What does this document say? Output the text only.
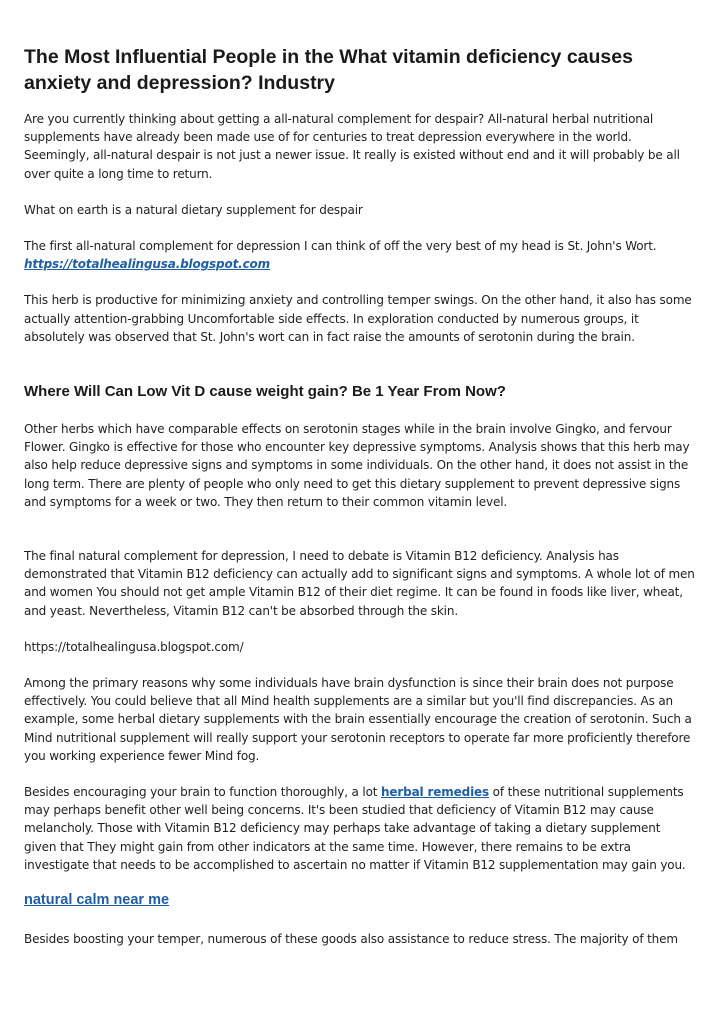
The Most Influential People in the What vitamin deficiency causes anxiety and depression? Industry

Are you currently thinking about getting a all-natural complement for despair? All-natural herbal nutritional supplements have already been made use of for centuries to treat depression everywhere in the world. Seemingly, all-natural despair is not just a newer issue. It really is existed without end and it will probably be all over quite a long time to return.

What on earth is a natural dietary supplement for despair

The first all-natural complement for depression I can think of off the very best of my head is St. John's Wort.
https://totalhealingusa.blogspot.com

This herb is productive for minimizing anxiety and controlling temper swings. On the other hand, it also has some actually attention-grabbing Uncomfortable side effects. In exploration conducted by numerous groups, it absolutely was observed that St. John's wort can in fact raise the amounts of serotonin during the brain.

Where Will Can Low Vit D cause weight gain? Be 1 Year From Now?

Other herbs which have comparable effects on serotonin stages while in the brain involve Gingko, and fervour Flower. Gingko is effective for those who encounter key depressive symptoms. Analysis shows that this herb may also help reduce depressive signs and symptoms in some individuals. On the other hand, it does not assist in the long term. There are plenty of people who only need to get this dietary supplement to prevent depressive signs and symptoms for a week or two. They then return to their common vitamin level.

The final natural complement for depression, I need to debate is Vitamin B12 deficiency. Analysis has demonstrated that Vitamin B12 deficiency can actually add to significant signs and symptoms. A whole lot of men and women You should not get ample Vitamin B12 of their diet regime. It can be found in foods like liver, wheat, and yeast. Nevertheless, Vitamin B12 can't be absorbed through the skin.

https://totalhealingusa.blogspot.com/

Among the primary reasons why some individuals have brain dysfunction is since their brain does not purpose effectively. You could believe that all Mind health supplements are a similar but you'll find discrepancies. As an example, some herbal dietary supplements with the brain essentially encourage the creation of serotonin. Such a Mind nutritional supplement will really support your serotonin receptors to operate far more proficiently therefore you working experience fewer Mind fog.

Besides encouraging your brain to function thoroughly, a lot herbal remedies of these nutritional supplements may perhaps benefit other well being concerns. It's been studied that deficiency of Vitamin B12 may cause melancholy. Those with Vitamin B12 deficiency may perhaps take advantage of taking a dietary supplement given that They might gain from other indicators at the same time. However, there remains to be extra investigate that needs to be accomplished to ascertain no matter if Vitamin B12 supplementation may gain you.

natural calm near me

Besides boosting your temper, numerous of these goods also assistance to reduce stress. The majority of them
